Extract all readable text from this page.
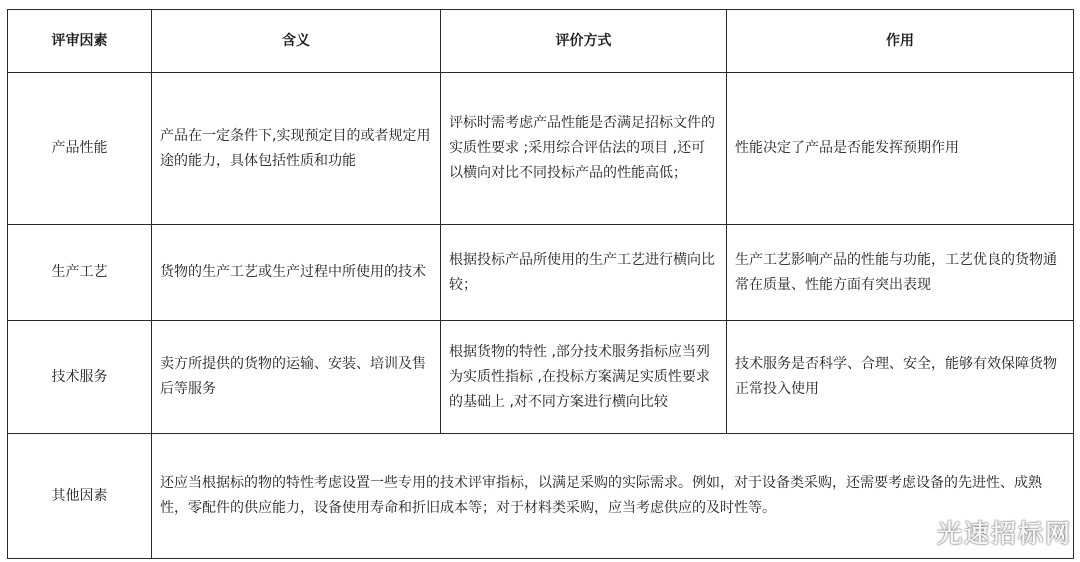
评审因素	含义	评价方式	作用
产品性能	产品在一定条件下,实现预定目的或者规定用途的能力，具体包括性质和功能	评标时需考虑产品性能是否满足招标文件的实质性要求 ;采用综合评估法的项目 ,还可以横向对比不同投标产品的性能高低；	性能决定了产品是否能发挥预期作用
生产工艺	货物的生产工艺或生产过程中所使用的技术	根据投标产品所使用的生产工艺进行横向比较；	生产工艺影响产品的性能与功能，工艺优良的货物通常在质量、性能方面有突出表现
技术服务	卖方所提供的货物的运输、安装、培训及售后等服务	根据货物的特性 ,部分技术服务指标应当列为实质性指标 ,在投标方案满足实质性要求的基础上 ,对不同方案进行横向比较	技术服务是否科学、合理、安全，能够有效保障货物正常投入使用
其他因素	还应当根据标的物的特性考虑设置一些专用的技术评审指标，以满足采购的实际需求。例如，对于设备类采购，还需要考虑设备的先进性、成熟性，零配件的供应能力，设备使用寿命和折旧成本等；对于材料类采购，应当考虑供应的及时性等。		
光速招标网
